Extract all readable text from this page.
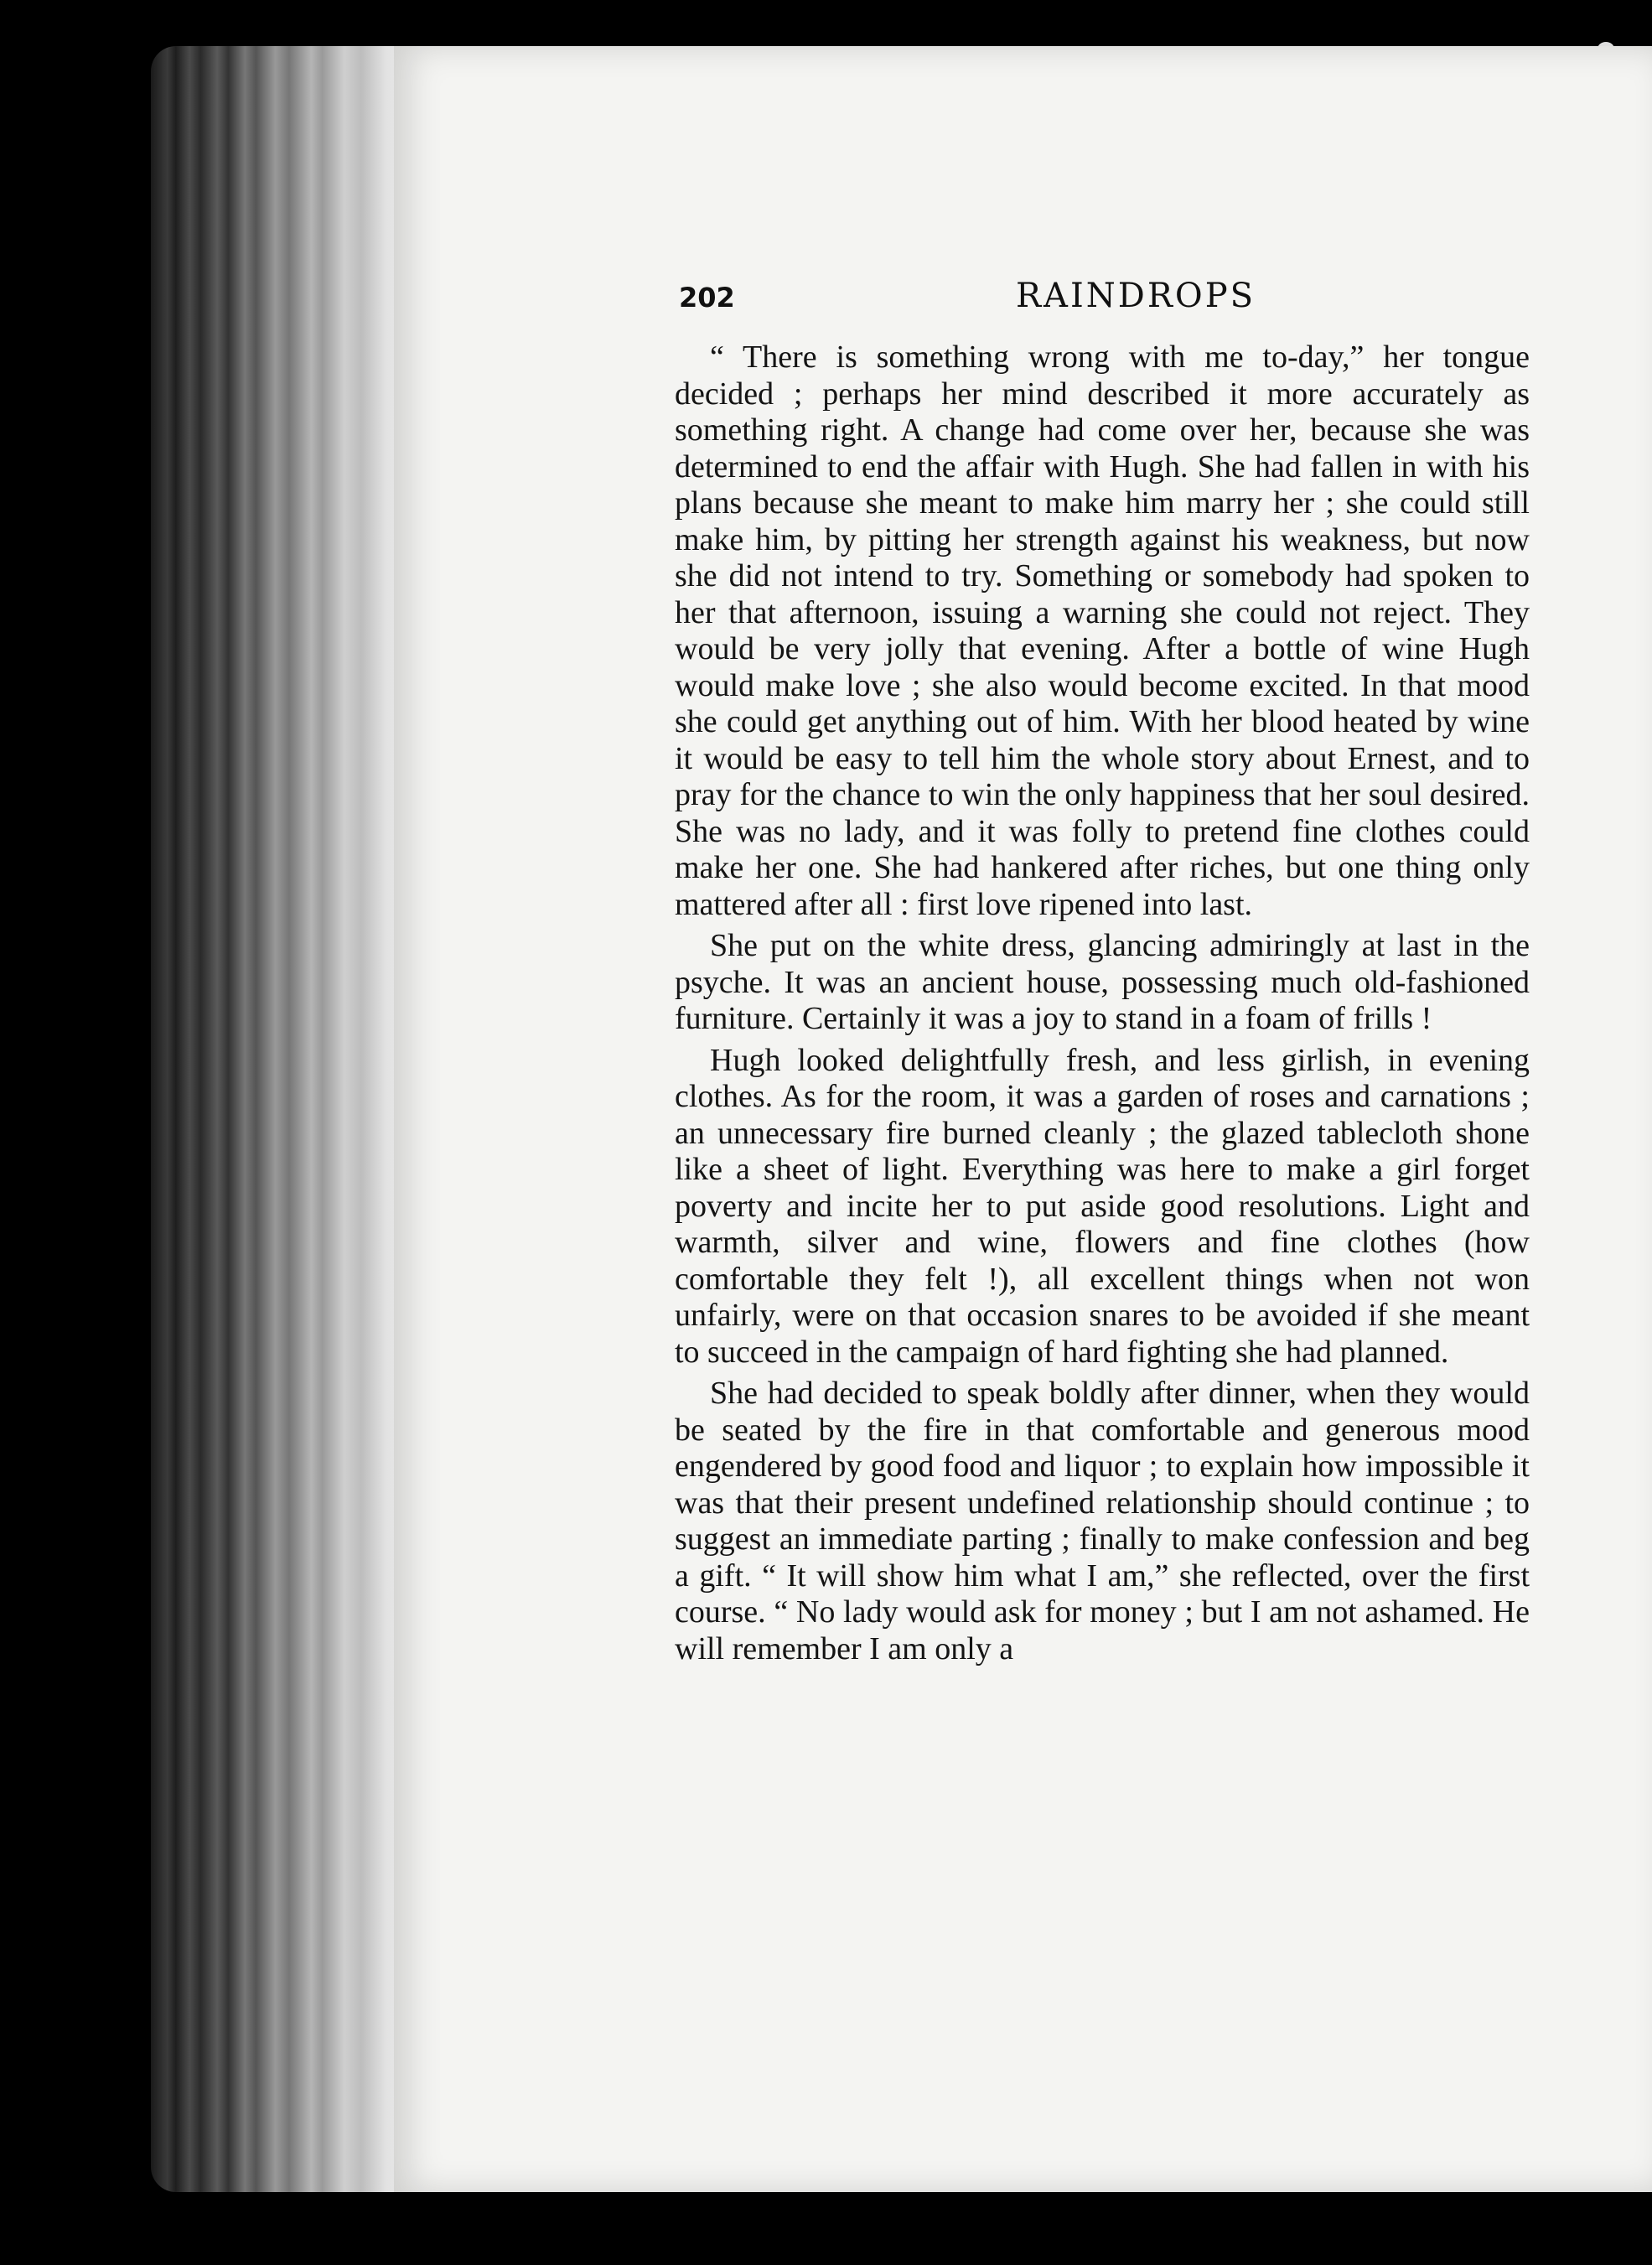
202	RAINDROPS

“ There is something wrong with me to-day,” her tongue decided ; perhaps her mind described it more accurately as something right. A change had come over her, because she was determined to end the affair with Hugh. She had fallen in with his plans because she meant to make him marry her ; she could still make him, by pitting her strength against his weakness, but now she did not intend to try. Something or somebody had spoken to her that afternoon, issuing a warning she could not reject. They would be very jolly that evening. After a bottle of wine Hugh would make love ; she also would become excited. In that mood she could get anything out of him. With her blood heated by wine it would be easy to tell him the whole story about Ernest, and to pray for the chance to win the only happiness that her soul desired. She was no lady, and it was folly to pretend fine clothes could make her one. She had hankered after riches, but one thing only mattered after all : first love ripened into last.

She put on the white dress, glancing admiringly at last in the psyche. It was an ancient house, possessing much old-fashioned furniture. Certainly it was a joy to stand in a foam of frills !

Hugh looked delightfully fresh, and less girlish, in evening clothes. As for the room, it was a garden of roses and carnations ; an unnecessary fire burned cleanly ; the glazed tablecloth shone like a sheet of light. Everything was here to make a girl forget poverty and incite her to put aside good resolutions. Light and warmth, silver and wine, flowers and fine clothes (how comfortable they felt !), all excellent things when not won unfairly, were on that occasion snares to be avoided if she meant to succeed in the campaign of hard fighting she had planned.

She had decided to speak boldly after dinner, when they would be seated by the fire in that comfortable and generous mood engendered by good food and liquor ; to explain how impossible it was that their present undefined relationship should continue ; to suggest an immediate parting ; finally to make confession and beg a gift. “ It will show him what I am,” she reflected, over the first course. “ No lady would ask for money ; but I am not ashamed. He will remember I am only a
